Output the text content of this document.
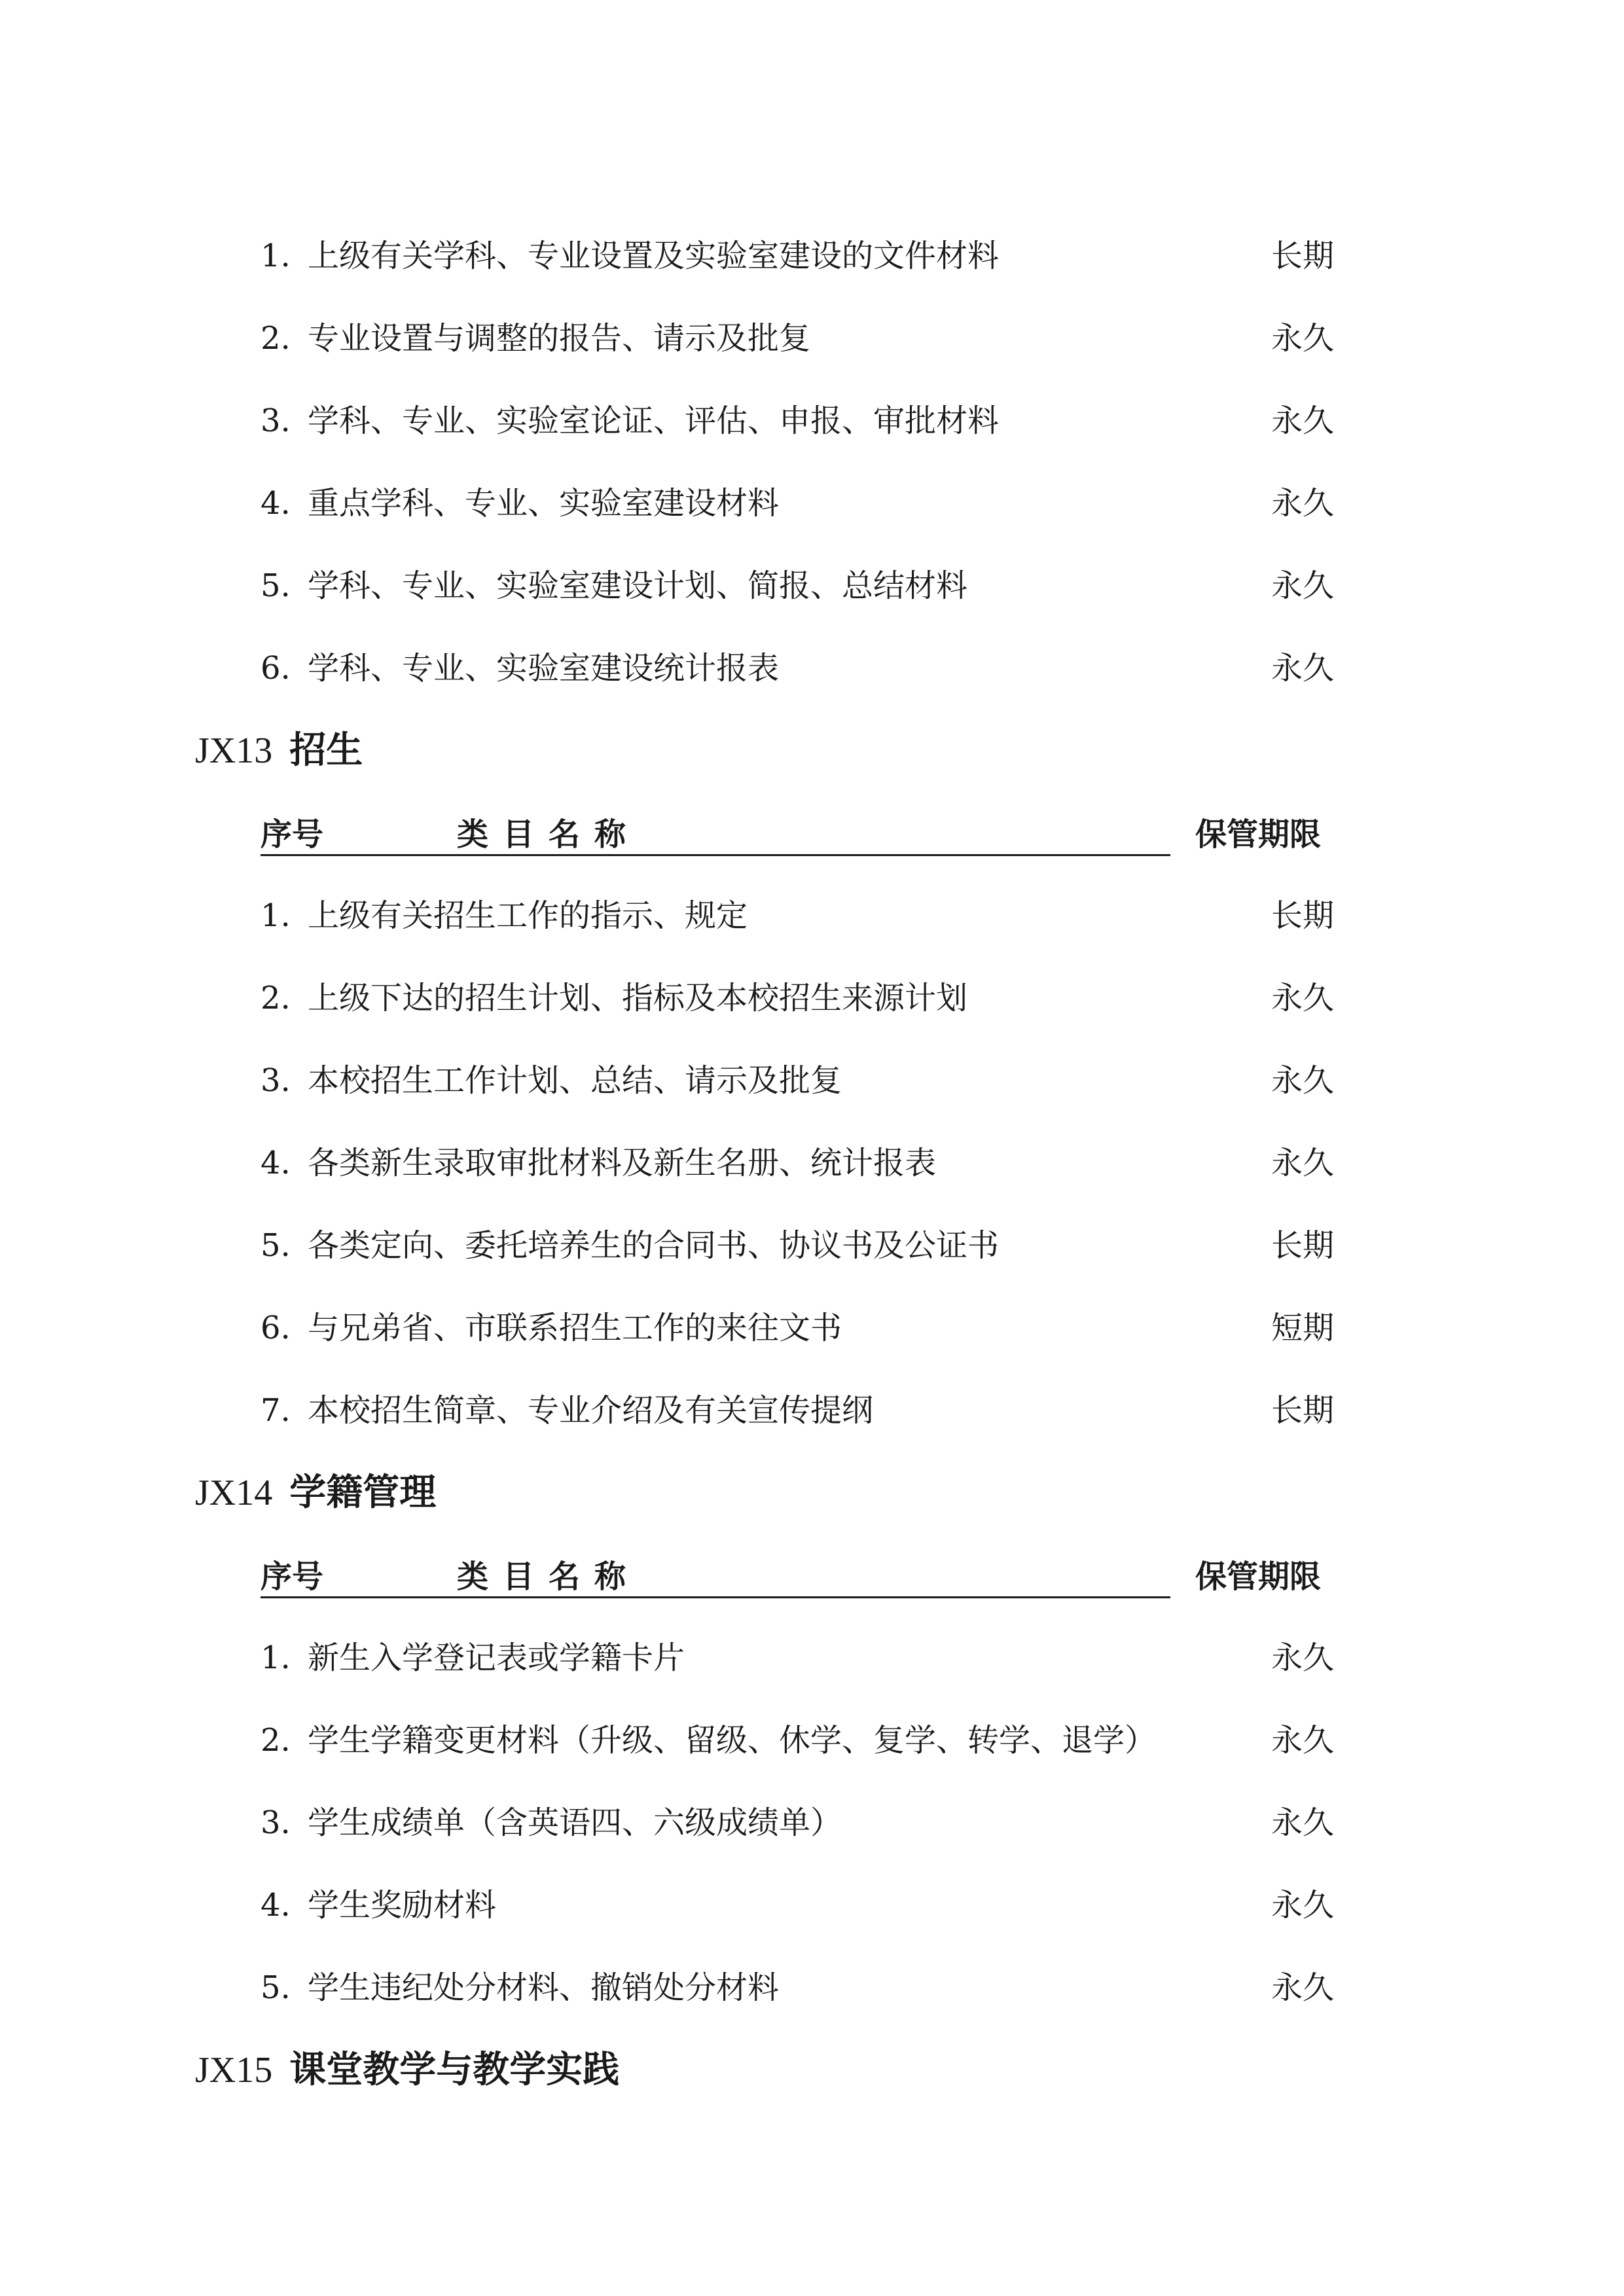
1. 上级有关学科、专业设置及实验室建设的文件材料	长期
2. 专业设置与调整的报告、请示及批复	永久
3. 学科、专业、实验室论证、评估、申报、审批材料	永久
4. 重点学科、专业、实验室建设材料	永久
5. 学科、专业、实验室建设计划、简报、总结材料	永久
6. 学科、专业、实验室建设统计报表	永久
JX13 招生
序号	类目名称	保管期限
1. 上级有关招生工作的指示、规定	长期
2. 上级下达的招生计划、指标及本校招生来源计划	永久
3. 本校招生工作计划、总结、请示及批复	永久
4. 各类新生录取审批材料及新生名册、统计报表	永久
5. 各类定向、委托培养生的合同书、协议书及公证书	长期
6. 与兄弟省、市联系招生工作的来往文书	短期
7. 本校招生简章、专业介绍及有关宣传提纲	长期
JX14 学籍管理
序号	类目名称	保管期限
1. 新生入学登记表或学籍卡片	永久
2. 学生学籍变更材料（升级、留级、休学、复学、转学、退学）	永久
3. 学生成绩单（含英语四、六级成绩单）	永久
4. 学生奖励材料	永久
5. 学生违纪处分材料、撤销处分材料	永久
JX15 课堂教学与教学实践
